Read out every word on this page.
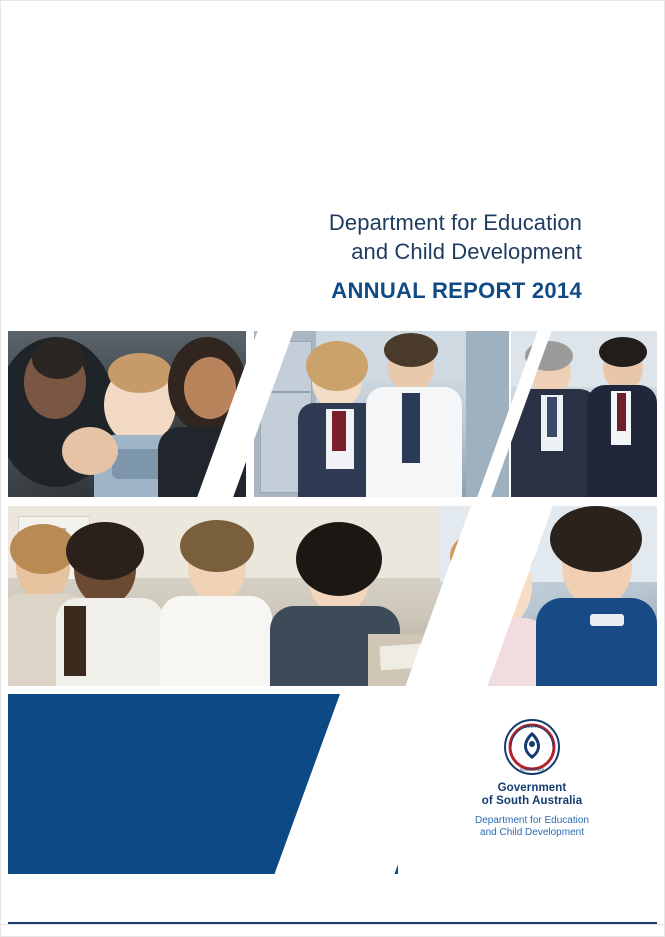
Department for Education
and Child Development
ANNUAL REPORT 2014
SOUTH
AUSTRALIA
Government
of South Australia
Department for Education
and Child Development
